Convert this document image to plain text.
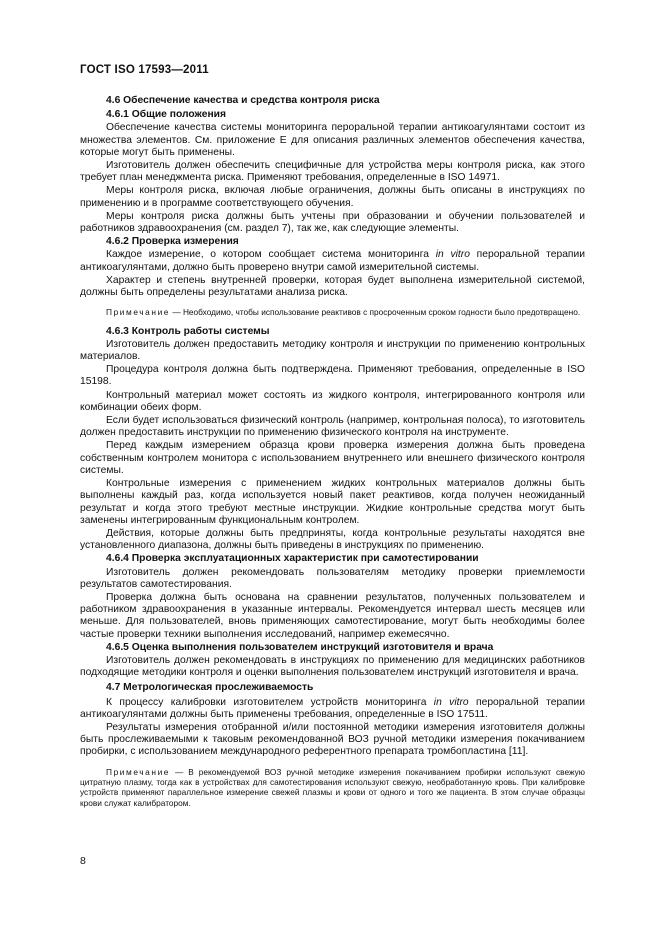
ГОСТ ISO 17593—2011
4.6 Обеспечение качества и средства контроля риска
4.6.1 Общие положения
Обеспечение качества системы мониторинга пероральной терапии антикоагулянтами состоит из множества элементов. См. приложение Е для описания различных элементов обеспечения качества, которые могут быть применены.
Изготовитель должен обеспечить специфичные для устройства меры контроля риска, как этого требует план менеджмента риска. Применяют требования, определенные в ISO 14971.
Меры контроля риска, включая любые ограничения, должны быть описаны в инструкциях по применению и в программе соответствующего обучения.
Меры контроля риска должны быть учтены при образовании и обучении пользователей и работников здравоохранения (см. раздел 7), так же, как следующие элементы.
4.6.2 Проверка измерения
Каждое измерение, о котором сообщает система мониторинга in vitro пероральной терапии антикоагулянтами, должно быть проверено внутри самой измерительной системы.
Характер и степень внутренней проверки, которая будет выполнена измерительной системой, должны быть определены результатами анализа риска.
Примечание — Необходимо, чтобы использование реактивов с просроченным сроком годности было предотвращено.
4.6.3 Контроль работы системы
Изготовитель должен предоставить методику контроля и инструкции по применению контрольных материалов.
Процедура контроля должна быть подтверждена. Применяют требования, определенные в ISO 15198.
Контрольный материал может состоять из жидкого контроля, интегрированного контроля или комбинации обеих форм.
Если будет использоваться физический контроль (например, контрольная полоса), то изготовитель должен предоставить инструкции по применению физического контроля на инструменте.
Перед каждым измерением образца крови проверка измерения должна быть проведена собственным контролем монитора с использованием внутреннего или внешнего физического контроля системы.
Контрольные измерения с применением жидких контрольных материалов должны быть выполнены каждый раз, когда используется новый пакет реактивов, когда получен неожиданный результат и когда этого требуют местные инструкции. Жидкие контрольные средства могут быть заменены интегрированным функциональным контролем.
Действия, которые должны быть предприняты, когда контрольные результаты находятся вне установленного диапазона, должны быть приведены в инструкциях по применению.
4.6.4 Проверка эксплуатационных характеристик при самотестировании
Изготовитель должен рекомендовать пользователям методику проверки приемлемости результатов самотестирования.
Проверка должна быть основана на сравнении результатов, полученных пользователем и работником здравоохранения в указанные интервалы. Рекомендуется интервал шесть месяцев или меньше. Для пользователей, вновь применяющих самотестирование, могут быть необходимы более частые проверки техники выполнения исследований, например ежемесячно.
4.6.5 Оценка выполнения пользователем инструкций изготовителя и врача
Изготовитель должен рекомендовать в инструкциях по применению для медицинских работников подходящие методики контроля и оценки выполнения пользователем инструкций изготовителя и врача.
4.7 Метрологическая прослеживаемость
К процессу калибровки изготовителем устройств мониторинга in vitro пероральной терапии антикоагулянтами должны быть применены требования, определенные в ISO 17511.
Результаты измерения отобранной и/или постоянной методики измерения изготовителя должны быть прослеживаемыми к таковым рекомендованной ВОЗ ручной методики измерения покачиванием пробирки, с использованием международного референтного препарата тромбопластина [11].
Примечание — В рекомендуемой ВОЗ ручной методике измерения покачиванием пробирки используют свежую цитратную плазму, тогда как в устройствах для самотестирования используют свежую, необработанную кровь. При калибровке устройств применяют параллельное измерение свежей плазмы и крови от одного и того же пациента. В этом случае образцы крови служат калибратором.
8
